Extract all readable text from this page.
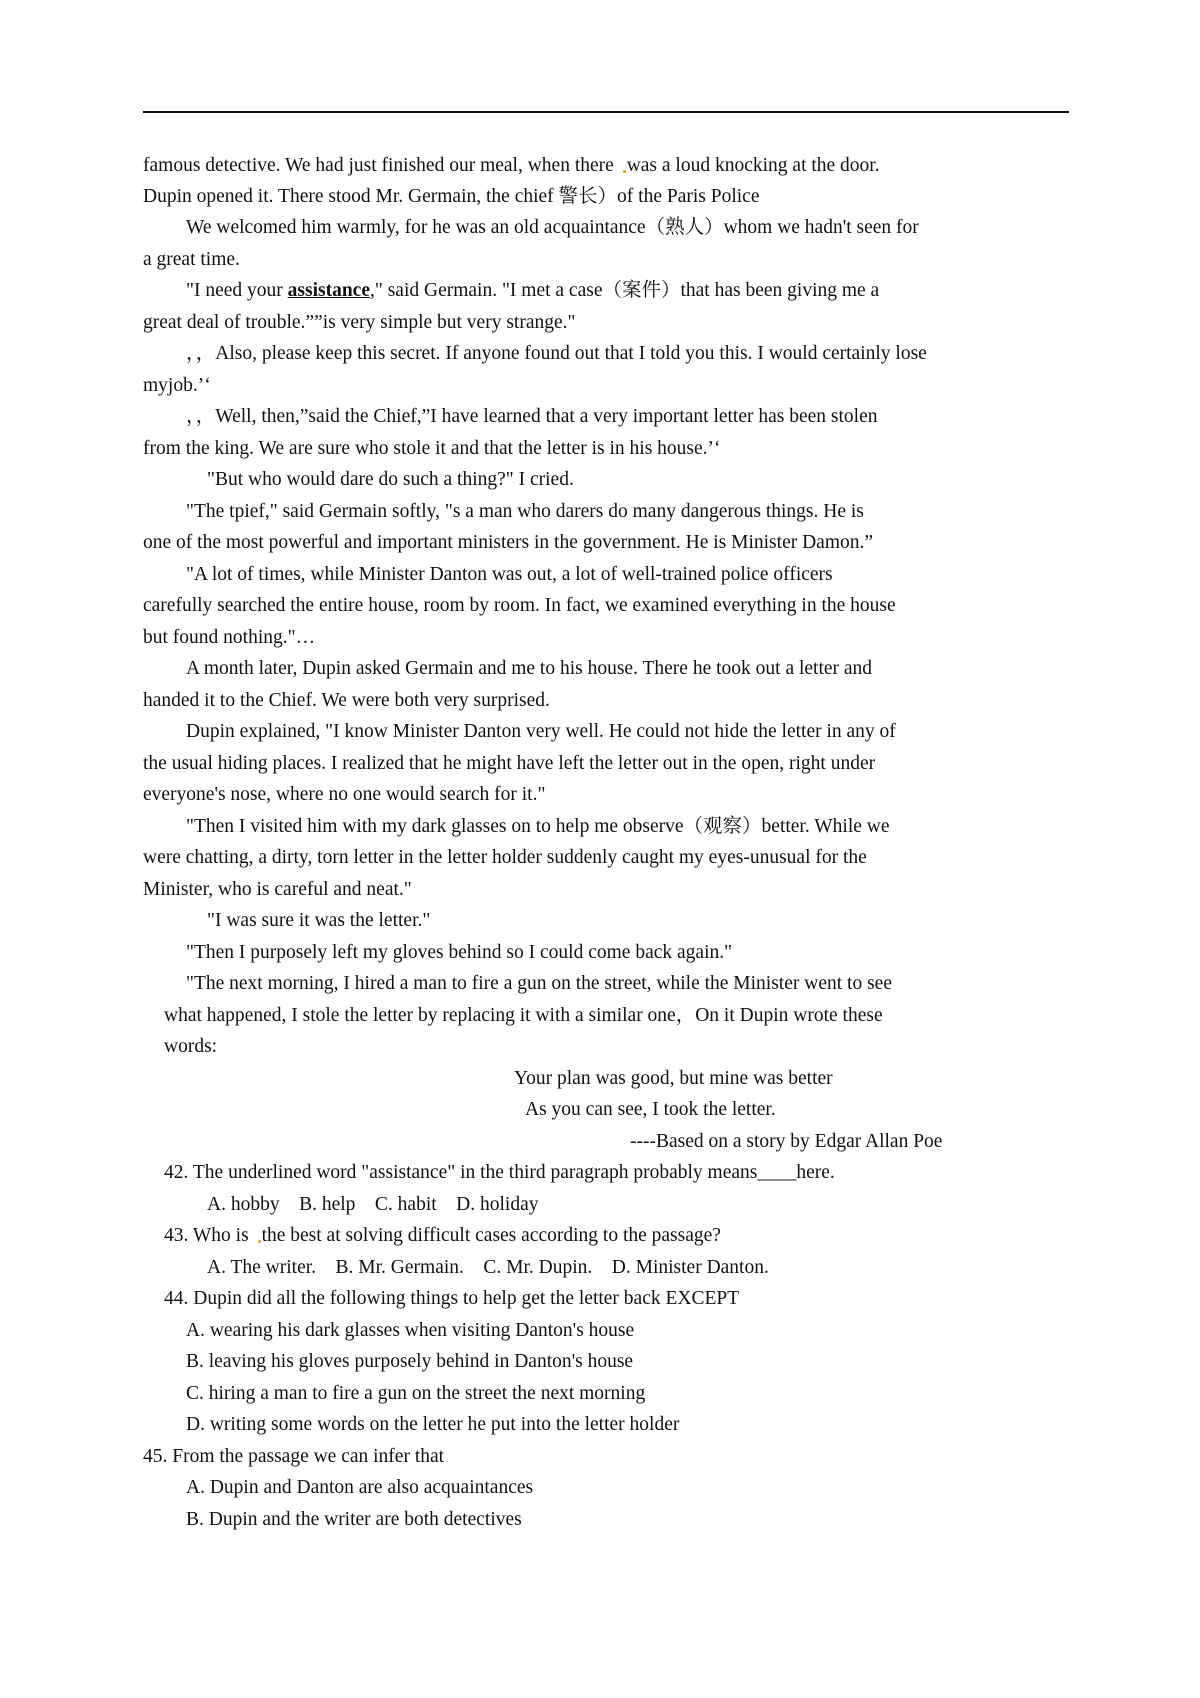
famous detective. We had just finished our meal, when there was a loud knocking at the door.
Dupin opened it. There stood Mr. Germain, the chief 警长）of the Paris Police
We welcomed him warmly, for he was an old acquaintance（熟人）whom we hadn't seen for
a great time.
"I need your assistance," said Germain. "I met a case（案件）that has been giving me a
great deal of trouble.””is very simple but very strange."
，，Also, please keep this secret. If anyone found out that I told you this. I would certainly lose
myjob.’‘
，，Well, then,”said the Chief,”I have learned that a very important letter has been stolen
from the king. We are sure who stole it and that the letter is in his house.’‘
"But who would dare do such a thing?" I cried.
"The tpief," said Germain softly, "s a man who darers do many dangerous things. He is
one of the most powerful and important ministers in the government. He is Minister Damon.”
"A lot of times, while Minister Danton was out, a lot of well-trained police officers
carefully searched the entire house, room by room. In fact, we examined everything in the house
but found nothing."…
A month later, Dupin asked Germain and me to his house. There he took out a letter and
handed it to the Chief. We were both very surprised.
Dupin explained, "I know Minister Danton very well. He could not hide the letter in any of
the usual hiding places. I realized that he might have left the letter out in the open, right under
everyone's nose, where no one would search for it."
"Then I visited him with my dark glasses on to help me observe（观察）better. While we
were chatting, a dirty, torn letter in the letter holder suddenly caught my eyes-unusual for the
Minister, who is careful and neat."
"I was sure it was the letter."
"Then I purposely left my gloves behind so I could come back again."
"The next morning, I hired a man to fire a gun on the street, while the Minister went to see
what happened, I stole the letter by replacing it with a similar one，On it Dupin wrote these
words:
Your plan was good, but mine was better
As you can see, I took the letter.
----Based on a story by Edgar Allan Poe
42. The underlined word "assistance" in the third paragraph probably means____here.
A. hobby    B. help    C. habit    D. holiday
43. Who is the best at solving difficult cases according to the passage?
A. The writer.    B. Mr. Germain.    C. Mr. Dupin.    D. Minister Danton.
44. Dupin did all the following things to help get the letter back EXCEPT
A. wearing his dark glasses when visiting Danton's house
B. leaving his gloves purposely behind in Danton's house
C. hiring a man to fire a gun on the street the next morning
D. writing some words on the letter he put into the letter holder
45. From the passage we can infer that
A. Dupin and Danton are also acquaintances
B. Dupin and the writer are both detectives
